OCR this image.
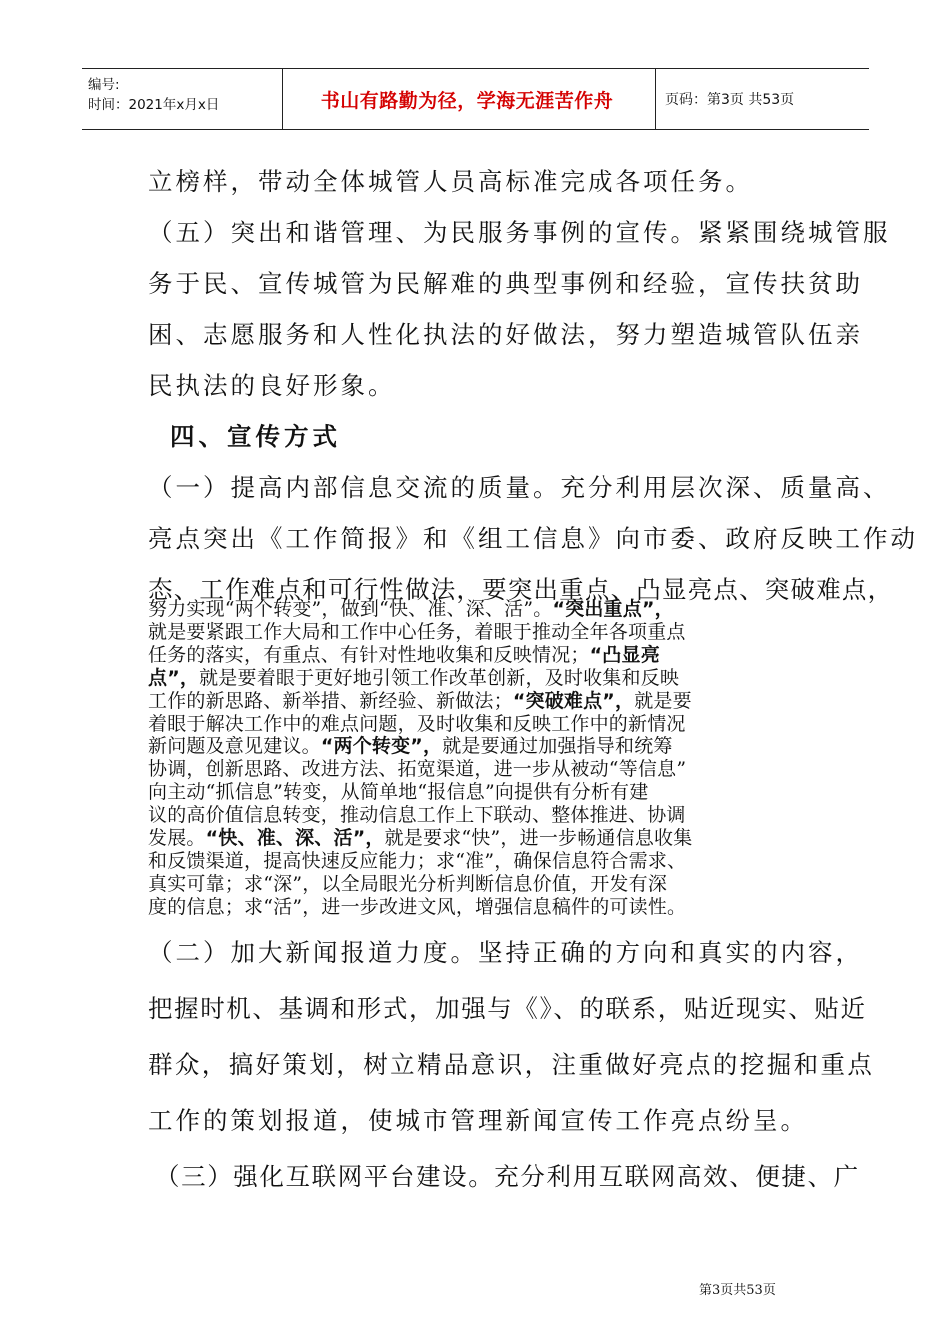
编号:
时间：2021年x月x日	书山有路勤为径，学海无涯苦作舟	页码：第3页 共53页
立榜样，带动全体城管人员高标准完成各项任务。
（五）突出和谐管理、为民服务事例的宣传。紧紧围绕城管服
务于民、宣传城管为民解难的典型事例和经验，宣传扶贫助
困、志愿服务和人性化执法的好做法，努力塑造城管队伍亲
民执法的良好形象。
四、宣传方式
（一）提高内部信息交流的质量。充分利用层次深、质量高、
亮点突出《工作简报》和《组工信息》向市委、政府反映工作动
态、工作难点和可行性做法，要突出重点、凸显亮点、突破难点，
努力实现“两个转变”，做到“快、准、深、活”。“突出重点”，
就是要紧跟工作大局和工作中心任务，着眼于推动全年各项重点
任务的落实，有重点、有针对性地收集和反映情况；“凸显亮
点”，就是要着眼于更好地引领工作改革创新，及时收集和反映
工作的新思路、新举措、新经验、新做法；“突破难点”，就是要
着眼于解决工作中的难点问题，及时收集和反映工作中的新情况
新问题及意见建议。“两个转变”，就是要通过加强指导和统筹
协调，创新思路、改进方法、拓宽渠道，进一步从被动“等信息”
向主动“抓信息”转变，从简单地“报信息”向提供有分析有建
议的高价值信息转变，推动信息工作上下联动、整体推进、协调
发展。“快、准、深、活”，就是要求“快”，进一步畅通信息收集
和反馈渠道，提高快速反应能力；求“准”，确保信息符合需求、
真实可靠；求“深”，以全局眼光分析判断信息价值，开发有深
度的信息；求“活”，进一步改进文风，增强信息稿件的可读性。
（二）加大新闻报道力度。坚持正确的方向和真实的内容，
把握时机、基调和形式，加强与《》、的联系，贴近现实、贴近
群众，搞好策划，树立精品意识，注重做好亮点的挖掘和重点
工作的策划报道，使城市管理新闻宣传工作亮点纷呈。
（三）强化互联网平台建设。充分利用互联网高效、便捷、广
第3页共53页
